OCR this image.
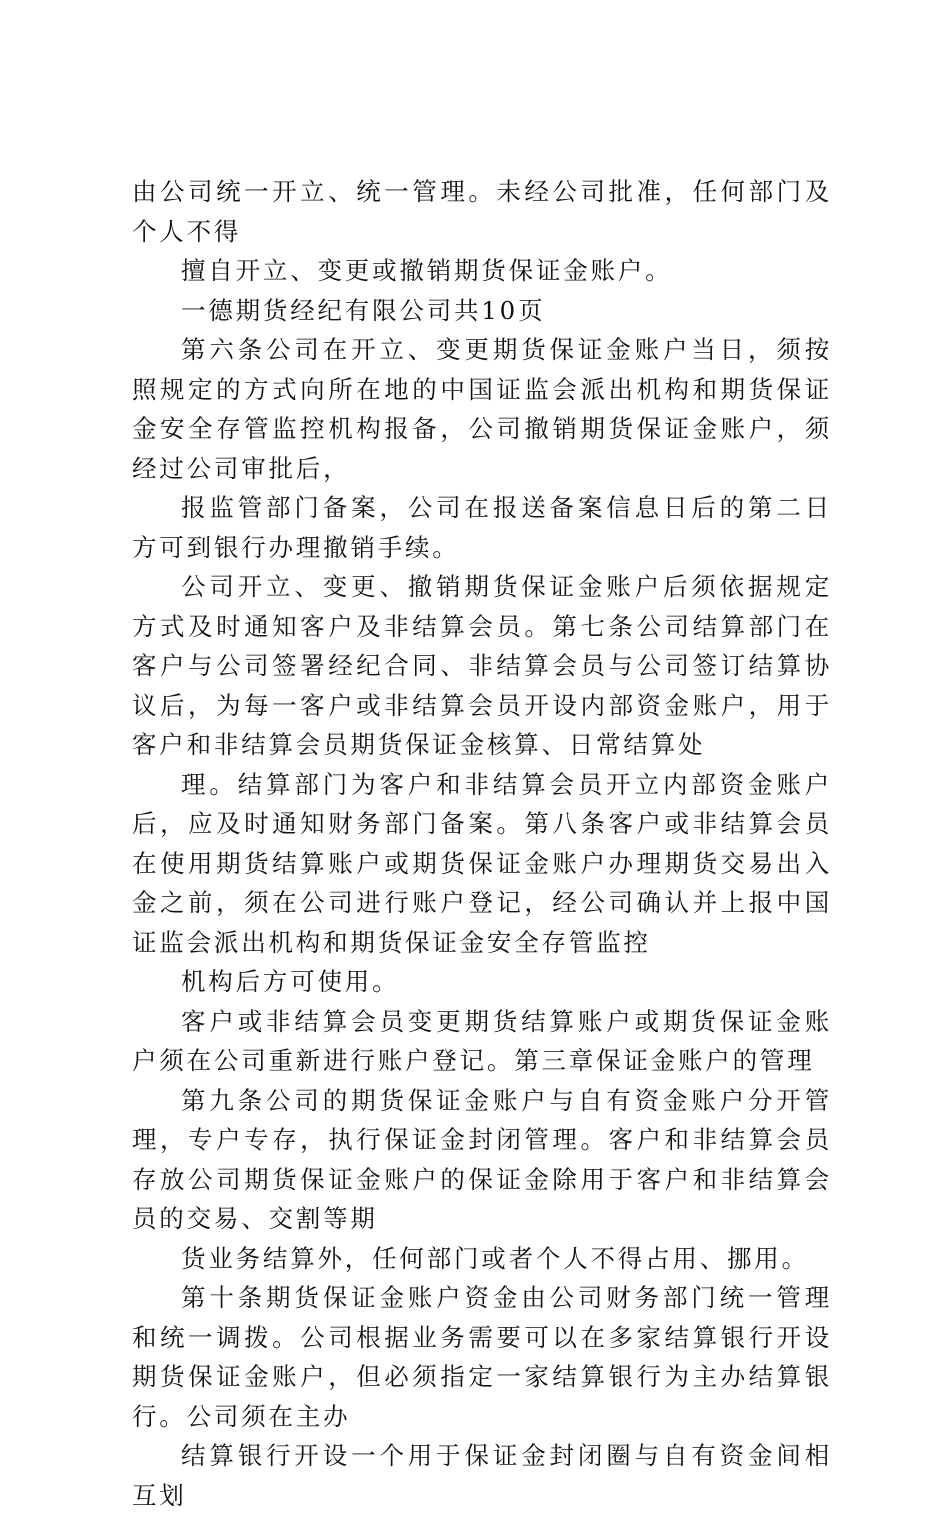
由公司统一开立、统一管理。未经公司批准，任何部门及个人不得

擅自开立、变更或撤销期货保证金账户。

一德期货经纪有限公司共10页

第六条公司在开立、变更期货保证金账户当日，须按照规定的方式向所在地的中国证监会派出机构和期货保证金安全存管监控机构报备，公司撤销期货保证金账户，须经过公司审批后，

报监管部门备案，公司在报送备案信息日后的第二日方可到银行办理撤销手续。

公司开立、变更、撤销期货保证金账户后须依据规定方式及时通知客户及非结算会员。第七条公司结算部门在客户与公司签署经纪合同、非结算会员与公司签订结算协议后，为每一客户或非结算会员开设内部资金账户，用于客户和非结算会员期货保证金核算、日常结算处

理。结算部门为客户和非结算会员开立内部资金账户后，应及时通知财务部门备案。第八条客户或非结算会员在使用期货结算账户或期货保证金账户办理期货交易出入金之前，须在公司进行账户登记，经公司确认并上报中国证监会派出机构和期货保证金安全存管监控

机构后方可使用。

客户或非结算会员变更期货结算账户或期货保证金账户须在公司重新进行账户登记。第三章保证金账户的管理

第九条公司的期货保证金账户与自有资金账户分开管理，专户专存，执行保证金封闭管理。客户和非结算会员存放公司期货保证金账户的保证金除用于客户和非结算会员的交易、交割等期

货业务结算外，任何部门或者个人不得占用、挪用。

第十条期货保证金账户资金由公司财务部门统一管理和统一调拨。公司根据业务需要可以在多家结算银行开设期货保证金账户，但必须指定一家结算银行为主办结算银行。公司须在主办

结算银行开设一个用于保证金封闭圈与自有资金间相互划
